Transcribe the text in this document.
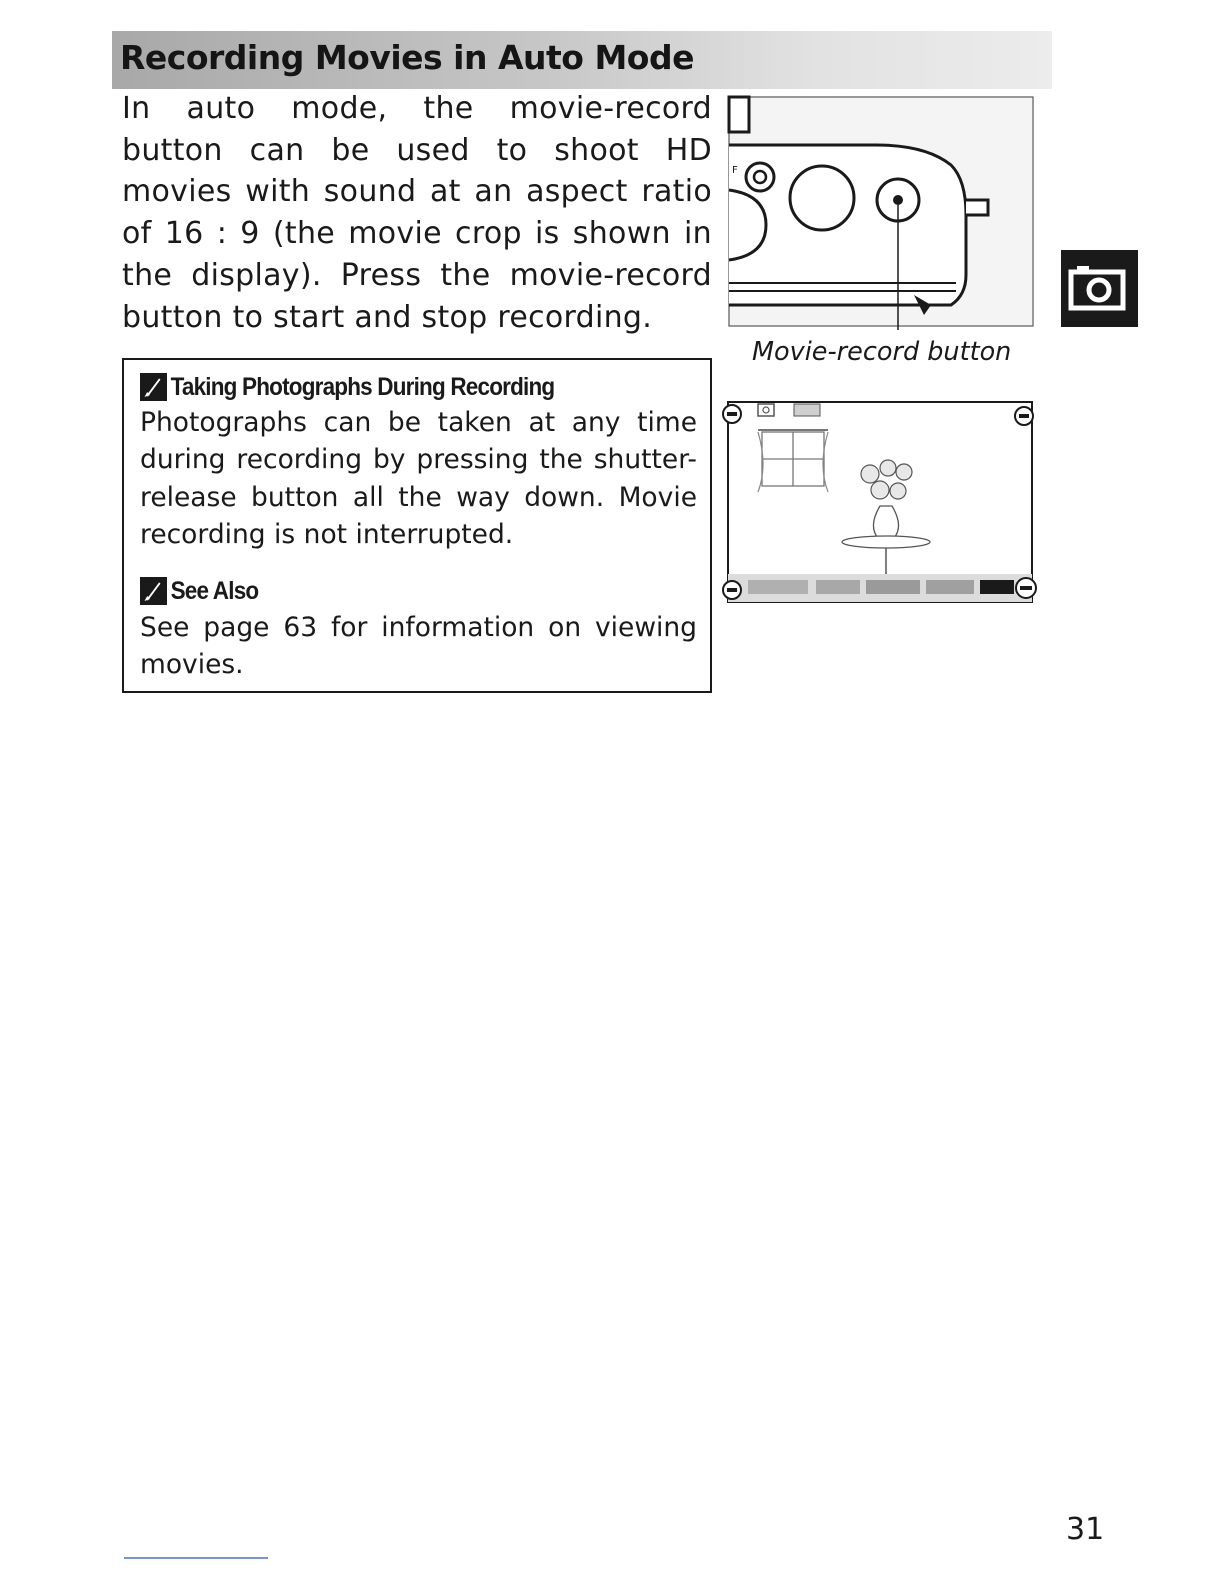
Recording Movies in Auto Mode
In auto mode, the movie-record button can be used to shoot HD movies with sound at an aspect ratio of 16 : 9 (the movie crop is shown in the display). Press the movie-record button to start and stop recording.
Taking Photographs During Recording
Photographs can be taken at any time during recording by pressing the shutter-release button all the way down. Movie recording is not interrupted.
See Also
See page 63 for information on viewing movies.
F
Movie-record button
31
